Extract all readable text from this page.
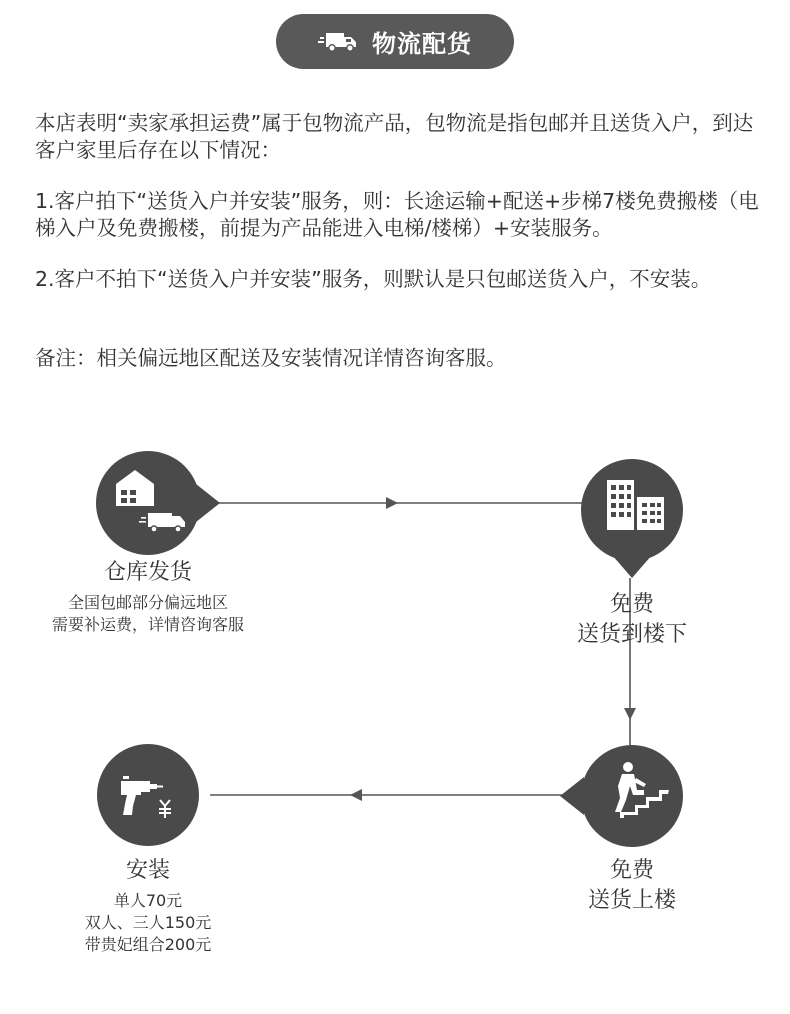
物流配货

本店表明“卖家承担运费”属于包物流产品，包物流是指包邮并且送货入户，到达客户家里后存在以下情况：

1.客户拍下“送货入户并安装”服务，则：长途运输+配送+步梯7楼免费搬楼（电梯入户及免费搬楼，前提为产品能进入电梯/楼梯）+安装服务。

2.客户不拍下“送货入户并安装”服务，则默认是只包邮送货入户，不安装。

备注：相关偏远地区配送及安装情况详情咨询客服。

仓库发货
全国包邮部分偏远地区
需要补运费，详情咨询客服
免费
送货到楼下
免费
送货上楼
安装
单人70元
双人、三人150元
带贵妃组合200元
